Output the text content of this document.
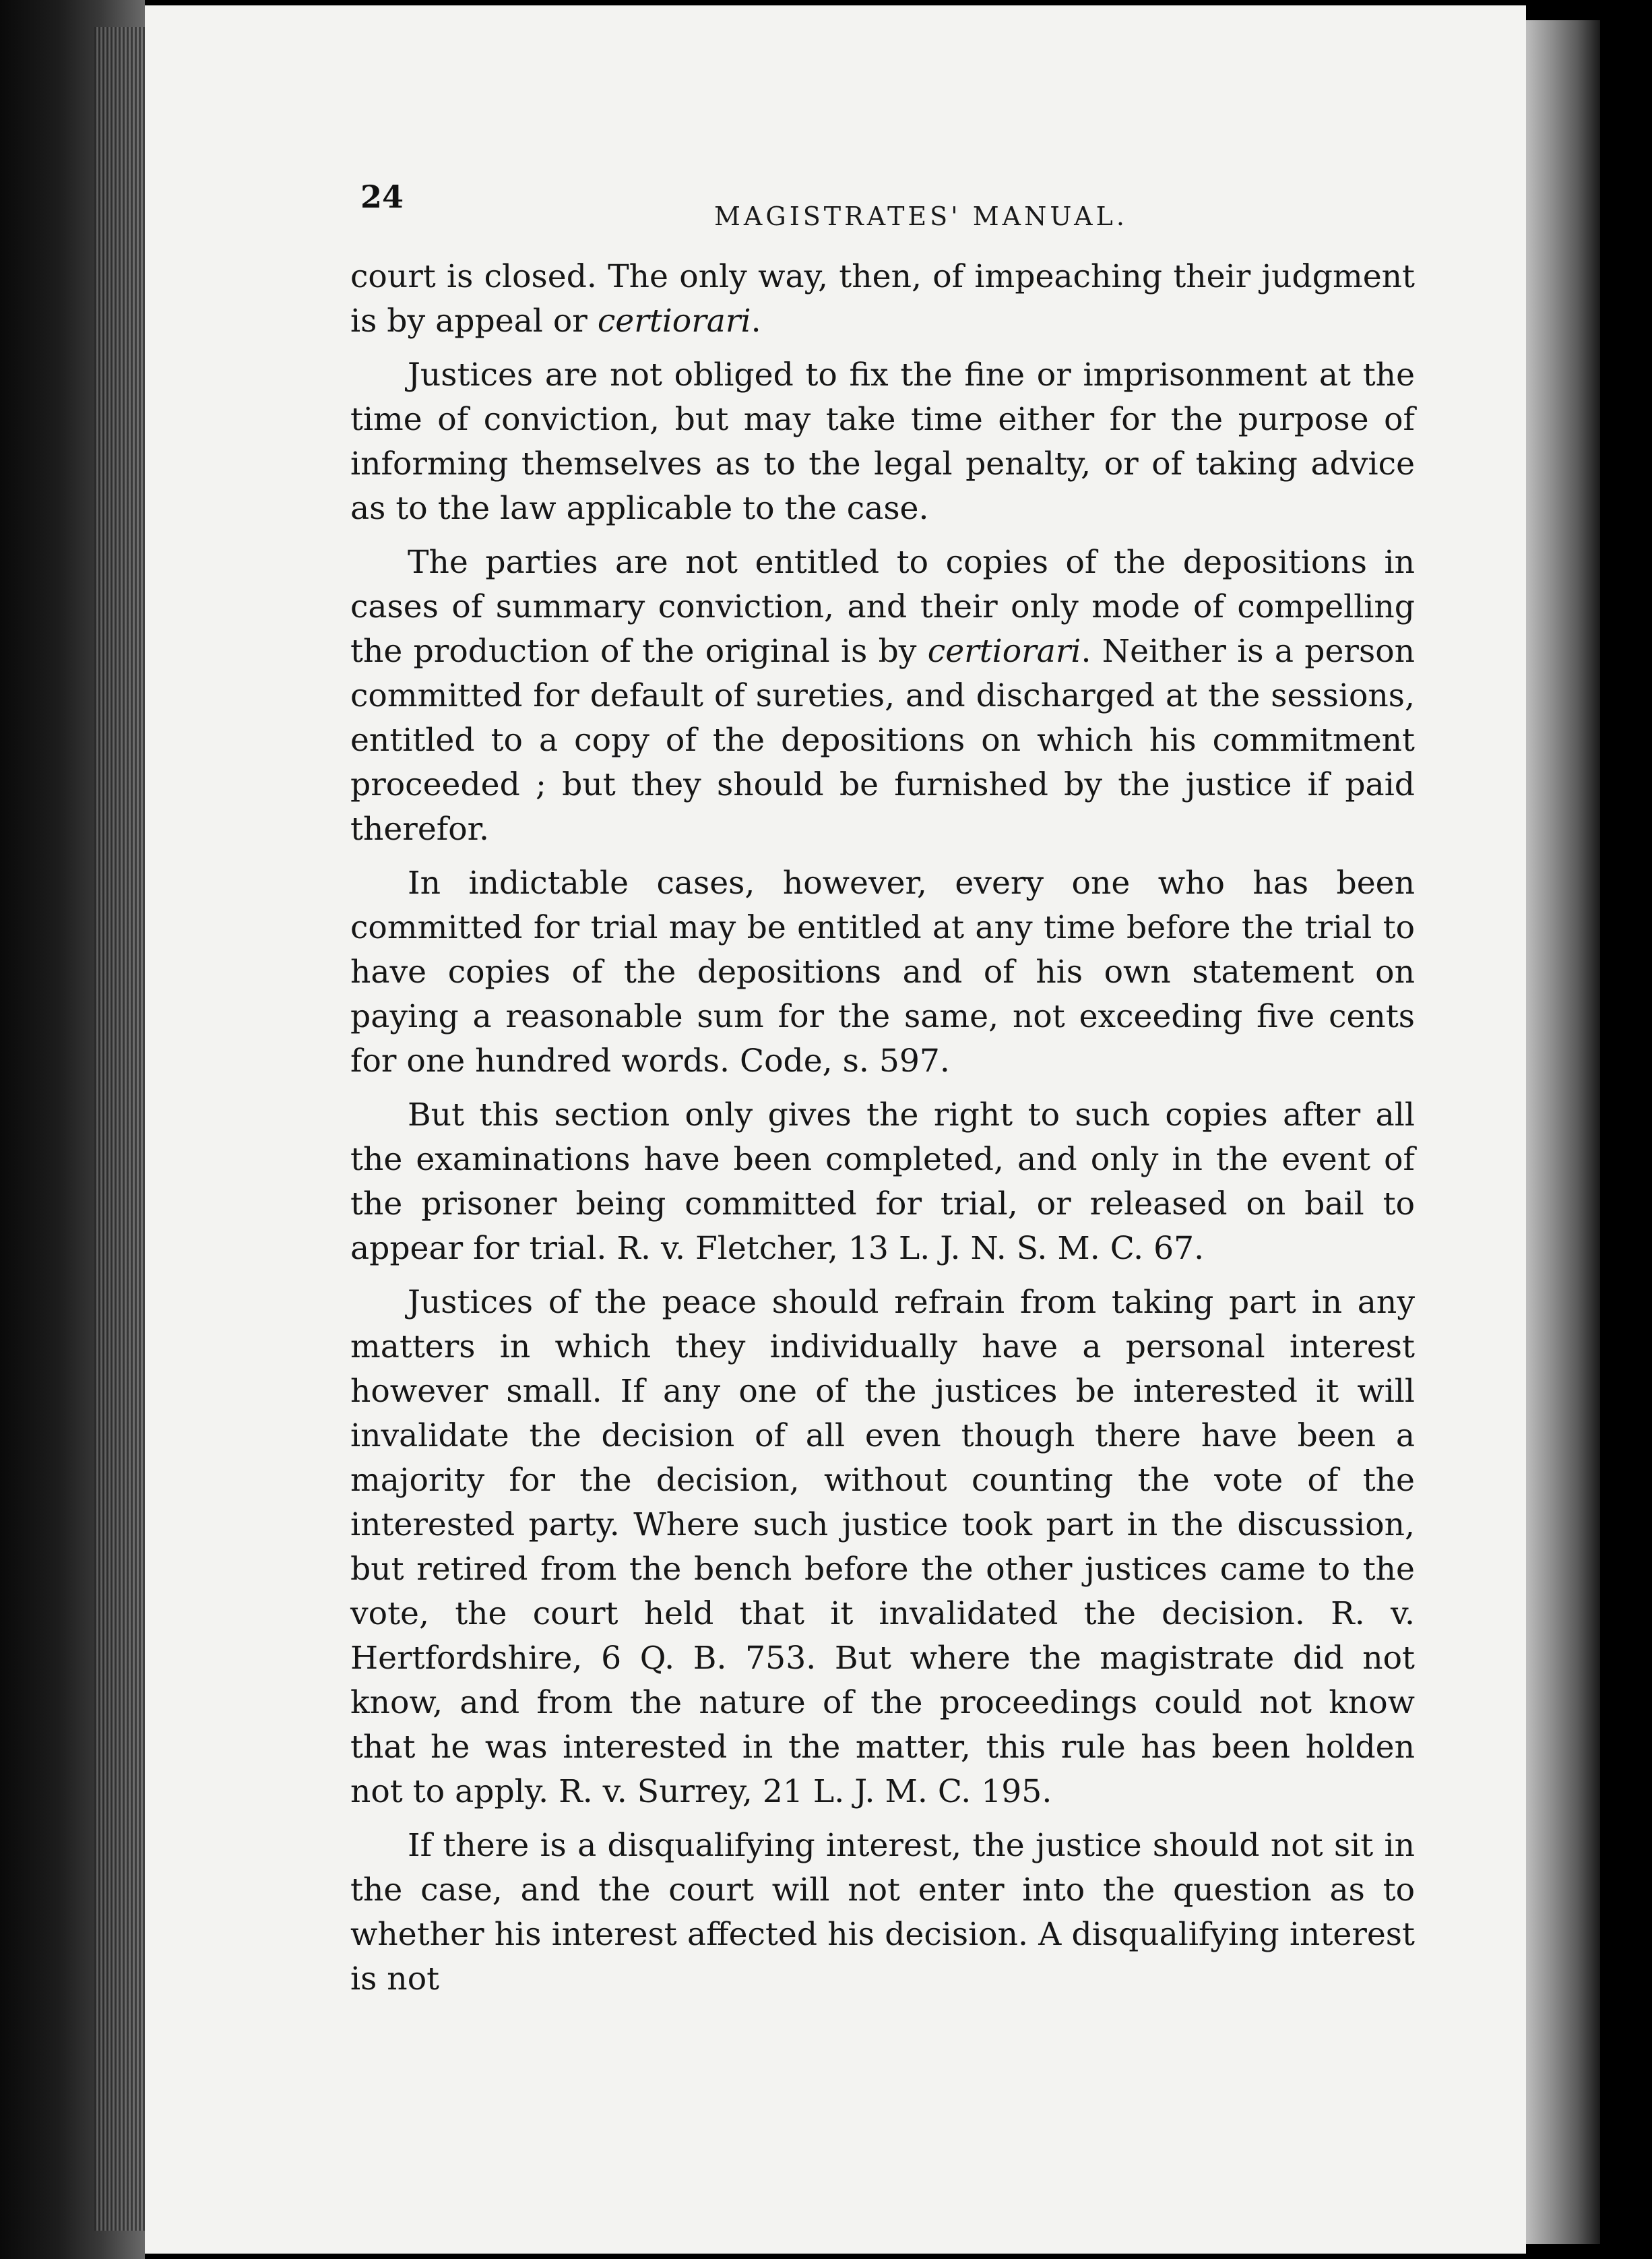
24
MAGISTRATES' MANUAL.

court is closed. The only way, then, of impeaching their judgment is by appeal or certiorari.

Justices are not obliged to fix the fine or imprisonment at the time of conviction, but may take time either for the purpose of informing themselves as to the legal penalty, or of taking advice as to the law applicable to the case.

The parties are not entitled to copies of the depositions in cases of summary conviction, and their only mode of compelling the production of the original is by certiorari. Neither is a person committed for default of sureties, and discharged at the sessions, entitled to a copy of the depositions on which his commitment proceeded ; but they should be furnished by the justice if paid therefor.

In indictable cases, however, every one who has been committed for trial may be entitled at any time before the trial to have copies of the depositions and of his own statement on paying a reasonable sum for the same, not exceeding five cents for one hundred words. Code, s. 597.

But this section only gives the right to such copies after all the examinations have been completed, and only in the event of the prisoner being committed for trial, or released on bail to appear for trial. R. v. Fletcher, 13 L. J. N. S. M. C. 67.

Justices of the peace should refrain from taking part in any matters in which they individually have a personal interest however small. If any one of the justices be interested it will invalidate the decision of all even though there have been a majority for the decision, without counting the vote of the interested party. Where such justice took part in the discussion, but retired from the bench before the other justices came to the vote, the court held that it invalidated the decision. R. v. Hertfordshire, 6 Q. B. 753. But where the magistrate did not know, and from the nature of the proceedings could not know that he was interested in the matter, this rule has been holden not to apply. R. v. Surrey, 21 L. J. M. C. 195.

If there is a disqualifying interest, the justice should not sit in the case, and the court will not enter into the question as to whether his interest affected his decision. A disqualifying interest is not
